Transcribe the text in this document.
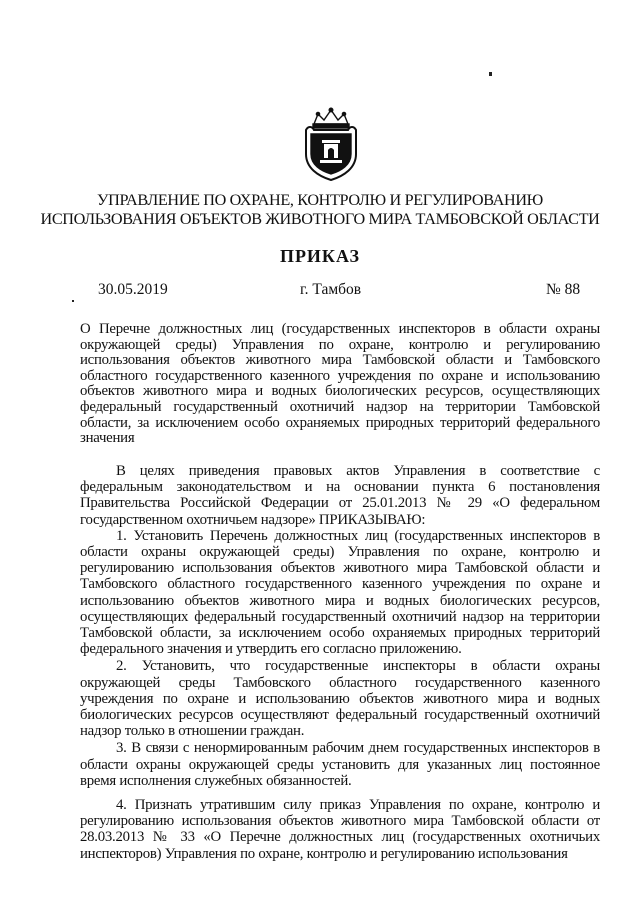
УПРАВЛЕНИЕ ПО ОХРАНЕ, КОНТРОЛЮ И РЕГУЛИРОВАНИЮ
ИСПОЛЬЗОВАНИЯ ОБЪЕКТОВ ЖИВОТНОГО МИРА ТАМБОВСКОЙ ОБЛАСТИ
ПРИКАЗ
30.05.2019	г. Тамбов	№ 88
О Перечне должностных лиц (государственных инспекторов в области охраны окружающей среды) Управления по охране, контролю и регулированию использования объектов животного мира Тамбовской области и Тамбовского областного государственного казенного учреждения по охране и использованию объектов животного мира и водных биологических ресурсов, осуществляющих федеральный государственный охотничий надзор на территории Тамбовской области, за исключением особо охраняемых природных территорий федерального значения

В целях приведения правовых актов Управления в соответствие с федеральным законодательством и на основании пункта 6 постановления Правительства Российской Федерации от 25.01.2013 № 29 «О федеральном государственном охотничьем надзоре» ПРИКАЗЫВАЮ:

1. Установить Перечень должностных лиц (государственных инспекторов в области охраны окружающей среды) Управления по охране, контролю и регулированию использования объектов животного мира Тамбовской области и Тамбовского областного государственного казенного учреждения по охране и использованию объектов животного мира и водных биологических ресурсов, осуществляющих федеральный государственный охотничий надзор на территории Тамбовской области, за исключением особо охраняемых природных территорий федерального значения и утвердить его согласно приложению.

2. Установить, что государственные инспекторы в области охраны окружающей среды Тамбовского областного государственного казенного учреждения по охране и использованию объектов животного мира и водных биологических ресурсов осуществляют федеральный государственный охотничий надзор только в отношении граждан.

3. В связи с ненормированным рабочим днем государственных инспекторов в области охраны окружающей среды установить для указанных лиц постоянное время исполнения служебных обязанностей.

4. Признать утратившим силу приказ Управления по охране, контролю и регулированию использования объектов животного мира Тамбовской области от 28.03.2013 № 33 «О Перечне должностных лиц (государственных охотничьих инспекторов) Управления по охране, контролю и регулированию использования
